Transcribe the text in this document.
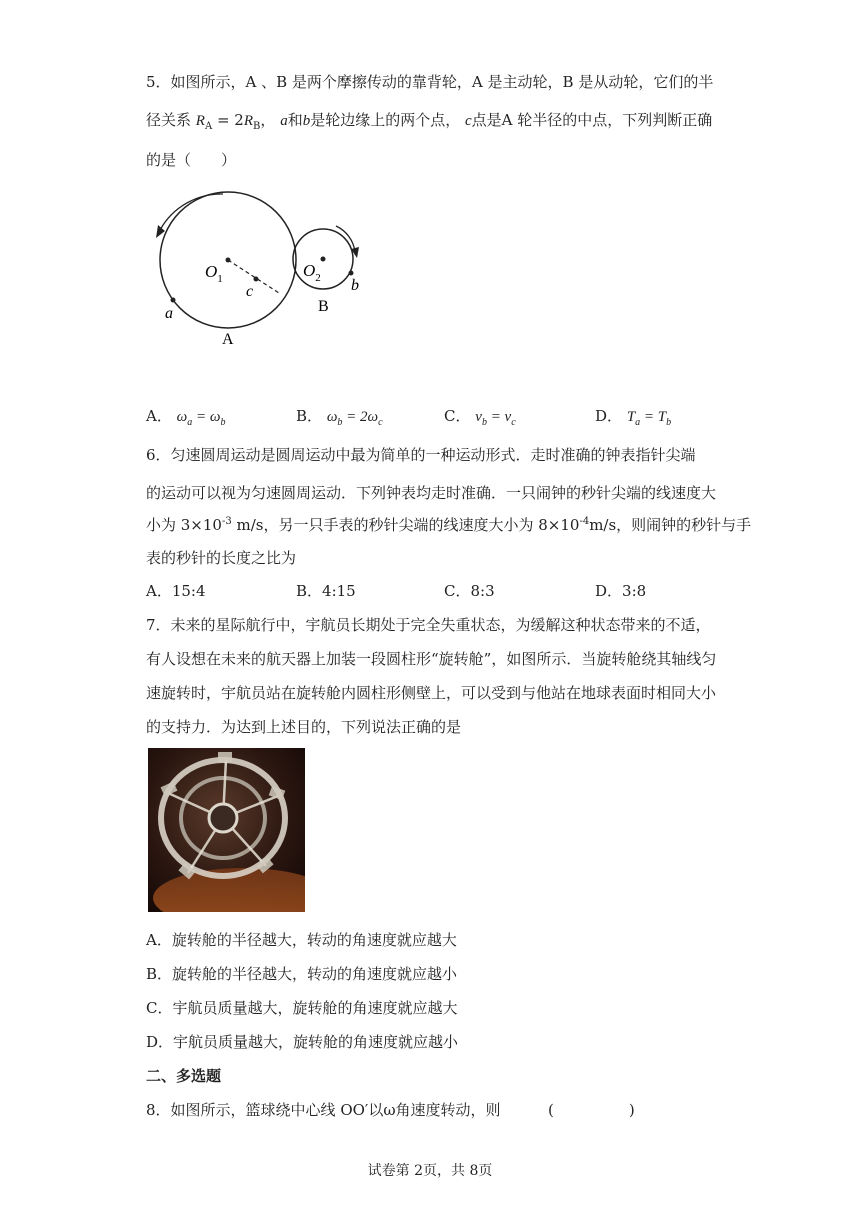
5．如图所示，A 、B 是两个摩擦传动的靠背轮，A 是主动轮，B 是从动轮，它们的半
径关系 $R_A = 2R_B$， a和b是轮边缘上的两个点， c点是A 轮半径的中点，下列判断正确
的是（　　）
$O_1$	$O_2$
c
a
b
A
B
A． $\omega_a = \omega_b$	B． $\omega_b = 2\omega_c$	C． $v_b = v_c$	D． $T_a = T_b$
6．匀速圆周运动是圆周运动中最为简单的一种运动形式．走时准确的钟表指针尖端
的运动可以视为匀速圆周运动．下列钟表均走时准确．一只闹钟的秒针尖端的线速度大
小为 $3\times 10^{-3}$ m/s，另一只手表的秒针尖端的线速度大小为 $8\times 10^{-4}m/s$，则闹钟的秒针与手
表的秒针的长度之比为
A．15:4	B．4:15	C．8:3	D．3:8
7．未来的星际航行中，宇航员长期处于完全失重状态，为缓解这种状态带来的不适，
有人设想在未来的航天器上加装一段圆柱形“旋转舱”，如图所示．当旋转舱绕其轴线匀
速旋转时，宇航员站在旋转舱内圆柱形侧壁上，可以受到与他站在地球表面时相同大小
的支持力．为达到上述目的，下列说法正确的是
A．旋转舱的半径越大，转动的角速度就应越大
B．旋转舱的半径越大，转动的角速度就应越小
C．宇航员质量越大，旋转舱的角速度就应越大
D．宇航员质量越大，旋转舱的角速度就应越小
二、多选题
8．如图所示，篮球绕中心线 OO′以ω角速度转动，则	(　　　　　)
试卷第 2页，共 8页
